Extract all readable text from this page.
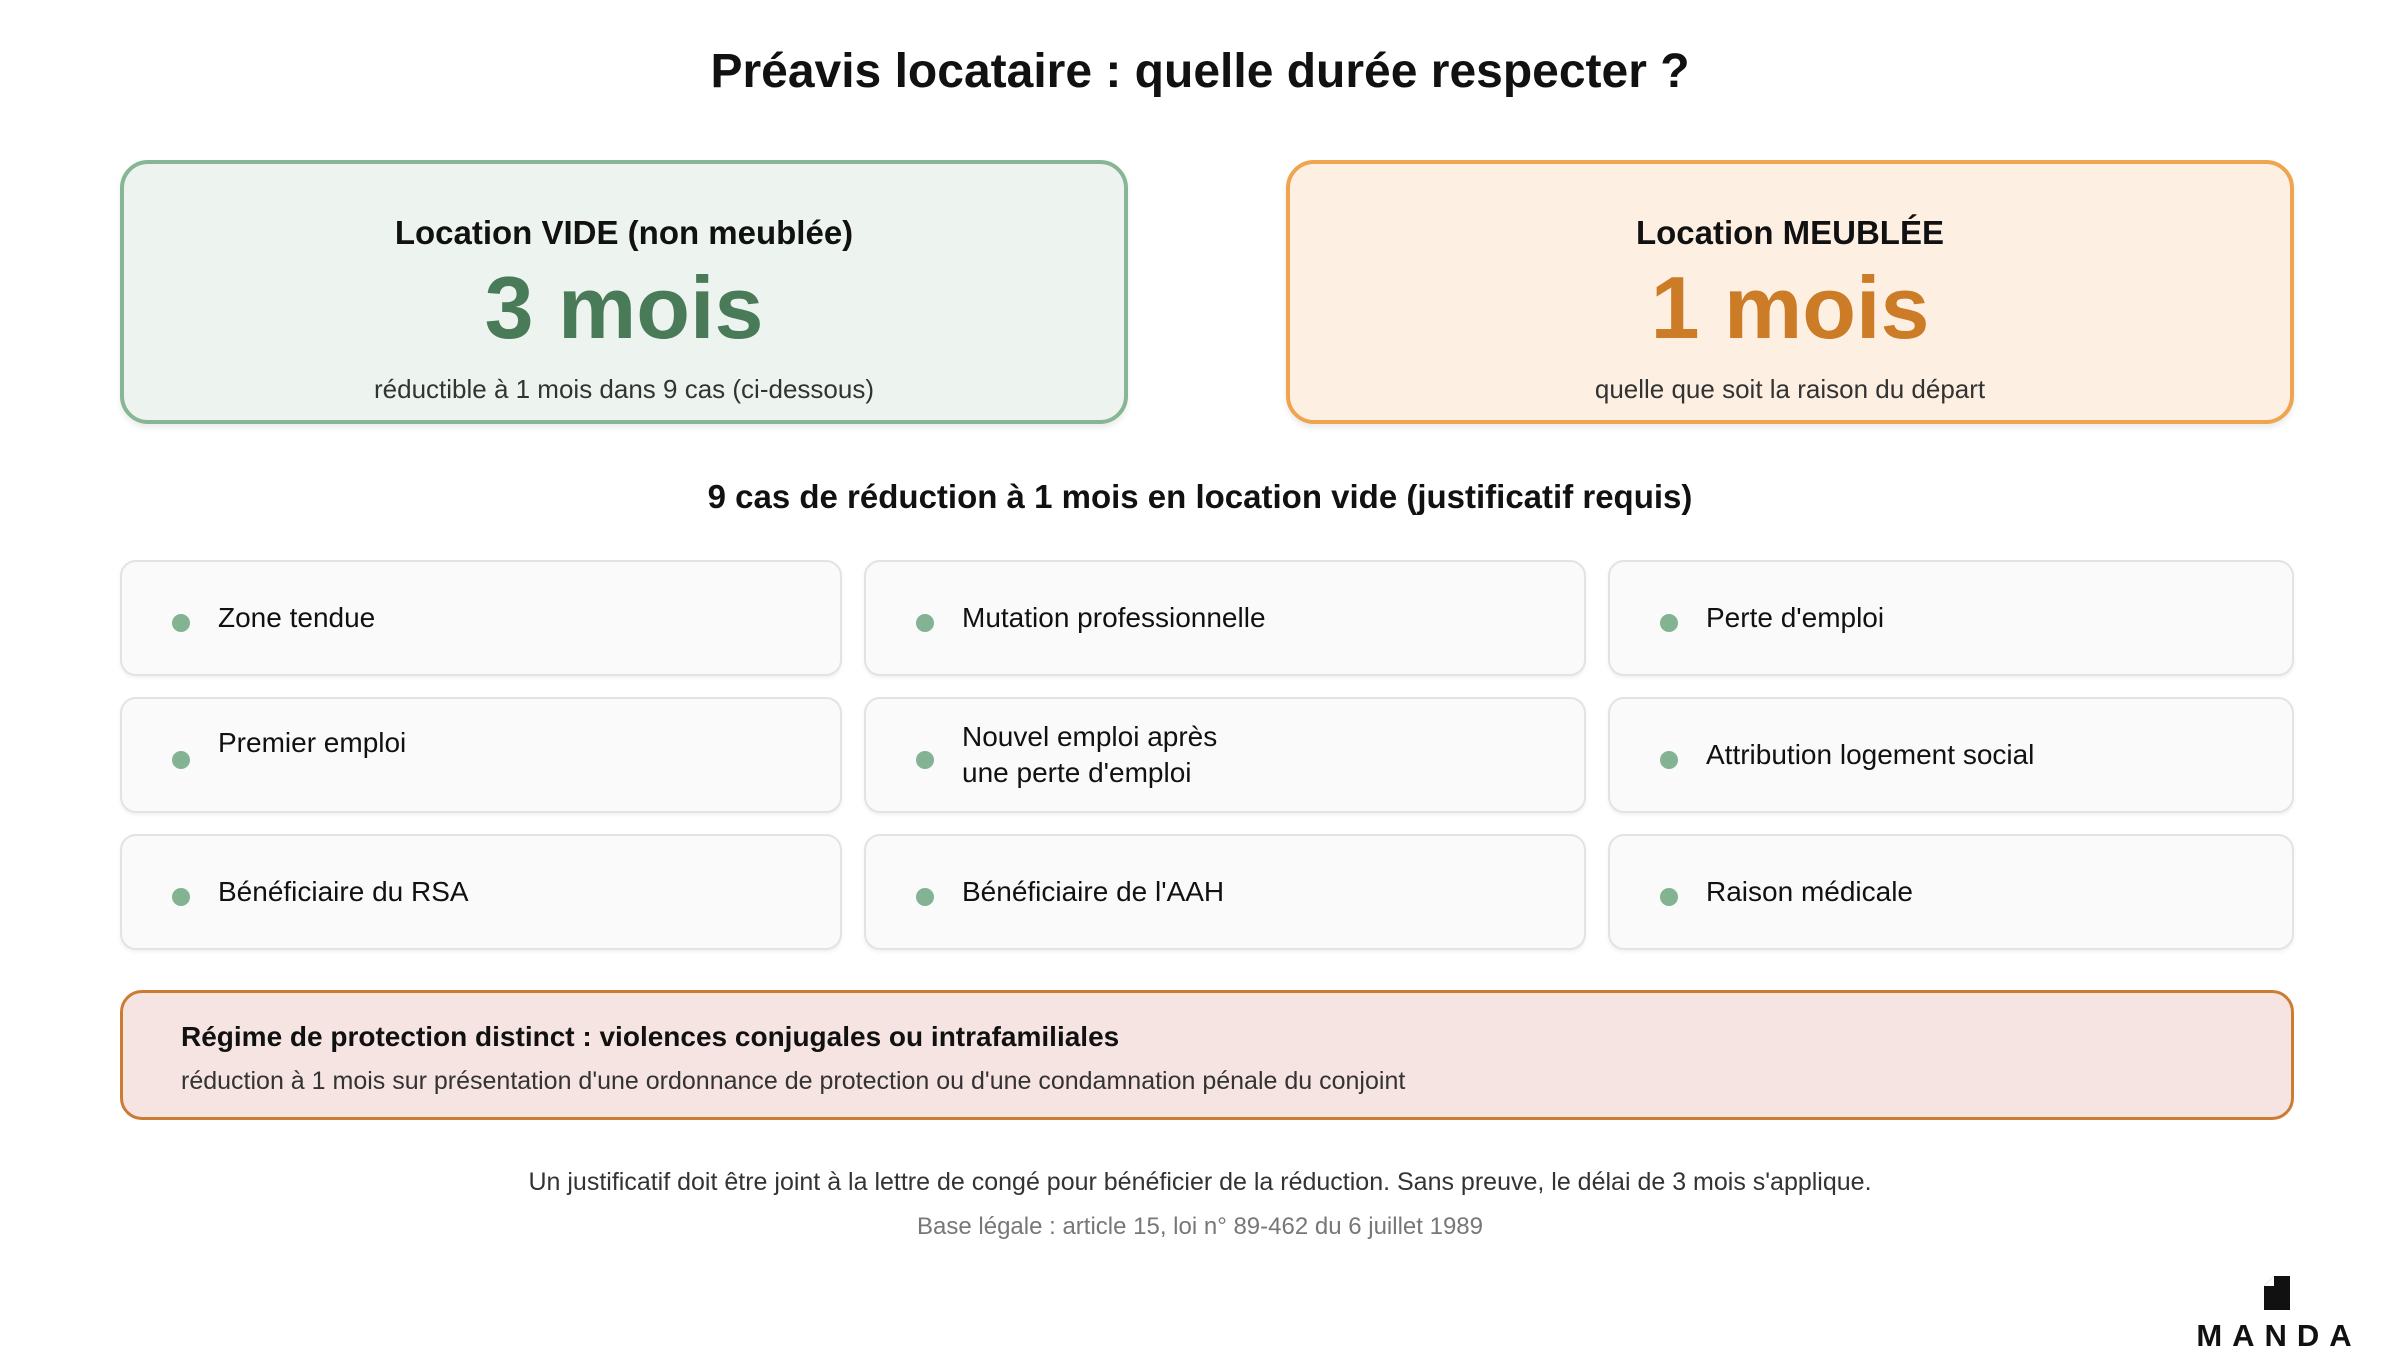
Préavis locataire : quelle durée respecter ?
Location VIDE (non meublée)
3 mois
réductible à 1 mois dans 9 cas (ci-dessous)
Location MEUBLÉE
1 mois
quelle que soit la raison du départ
9 cas de réduction à 1 mois en location vide (justificatif requis)
Zone tendue	Mutation professionnelle	Perte d'emploi
Premier emploi	Nouvel emploi après
une perte d'emploi
Attribution logement social
Bénéficiaire du RSA	Bénéficiaire de l'AAH	Raison médicale
Régime de protection distinct : violences conjugales ou intrafamiliales
réduction à 1 mois sur présentation d'une ordonnance de protection ou d'une condamnation pénale du conjoint

Un justificatif doit être joint à la lettre de congé pour bénéficier de la réduction. Sans preuve, le délai de 3 mois s'applique.

Base légale : article 15, loi n° 89-462 du 6 juillet 1989

MANDA
